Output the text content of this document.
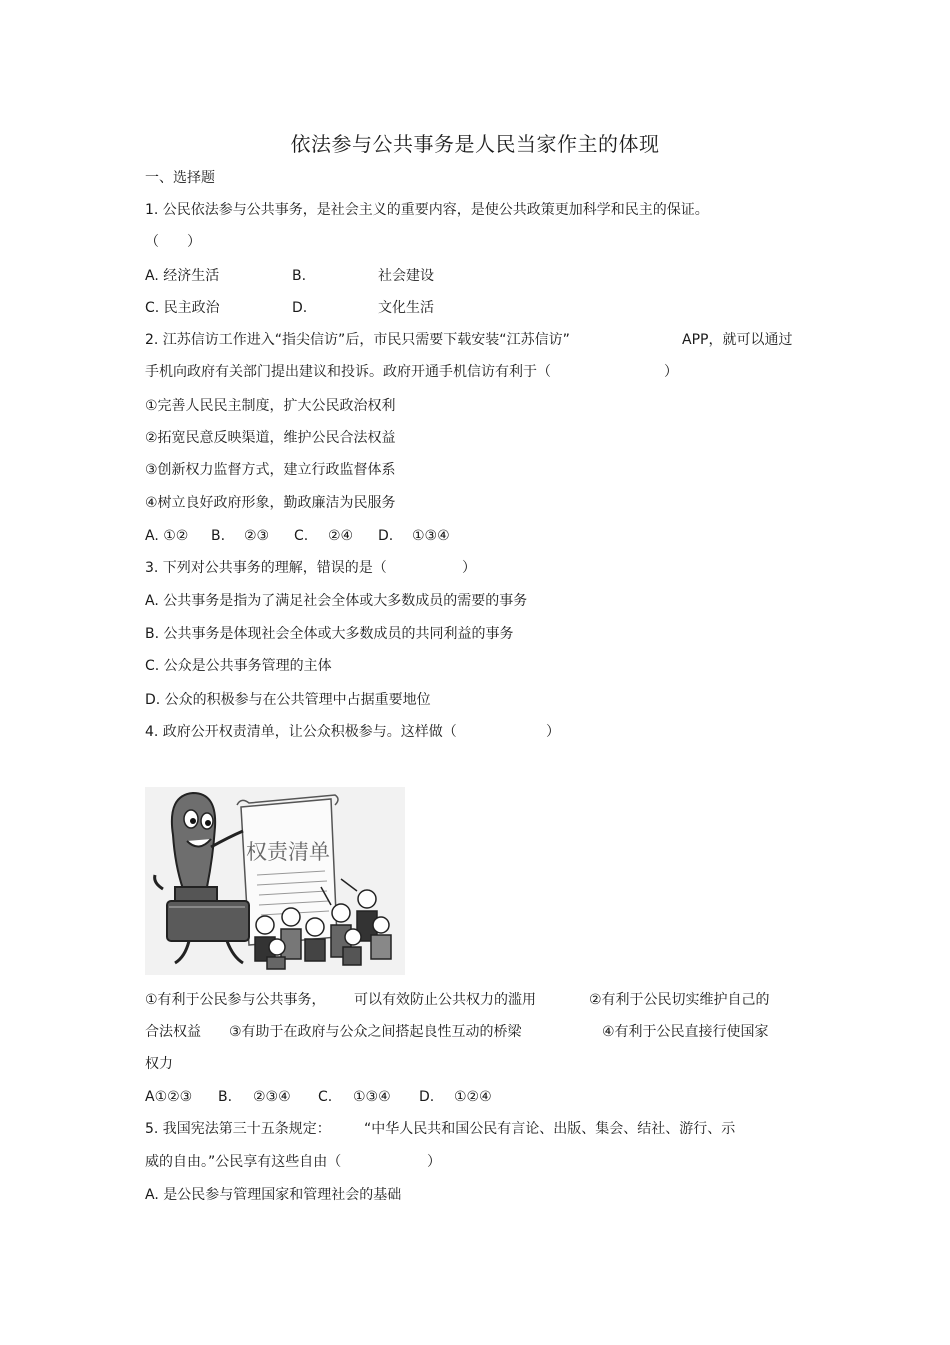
依法参与公共事务是人民当家作主的体现
一、选择题
1. 公民依法参与公共事务，是社会主义的重要内容，是使公共政策更加科学和民主的保证。
（　　）
A. 经济生活	B.	社会建设
C. 民主政治	D.	文化生活
2. 江苏信访工作进入“指尖信访”后，市民只需要下载安装“江苏信访”	APP，就可以通过
手机向政府有关部门提出建议和投诉。政府开通手机信访有利于（	）
①完善人民民主制度，扩大公民政治权利
②拓宽民意反映渠道，维护公民合法权益
③创新权力监督方式，建立行政监督体系
④树立良好政府形象，勤政廉洁为民服务
A. ①② B. ②③ C. ②④ D. ①③④
3. 下列对公共事务的理解，错误的是（	）
A. 公共事务是指为了满足社会全体或大多数成员的需要的事务
B. 公共事务是体现社会全体或大多数成员的共同利益的事务
C. 公众是公共事务管理的主体
D. 公众的积极参与在公共管理中占据重要地位
4. 政府公开权责清单，让公众积极参与。这样做（	）
权责清单
①有利于公民参与公共事务， 可以有效防止公共权力的滥用	②有利于公民切实维护自己的
合法权益 ③有助于在政府与公众之间搭起良性互动的桥梁	④有利于公民直接行使国家
权力
A①②③ B. ②③④ C. ①③④ D. ①②④
5. 我国宪法第三十五条规定： “中华人民共和国公民有言论、出版、集会、结社、游行、示
威的自由。”公民享有这些自由（	）
A. 是公民参与管理国家和管理社会的基础
